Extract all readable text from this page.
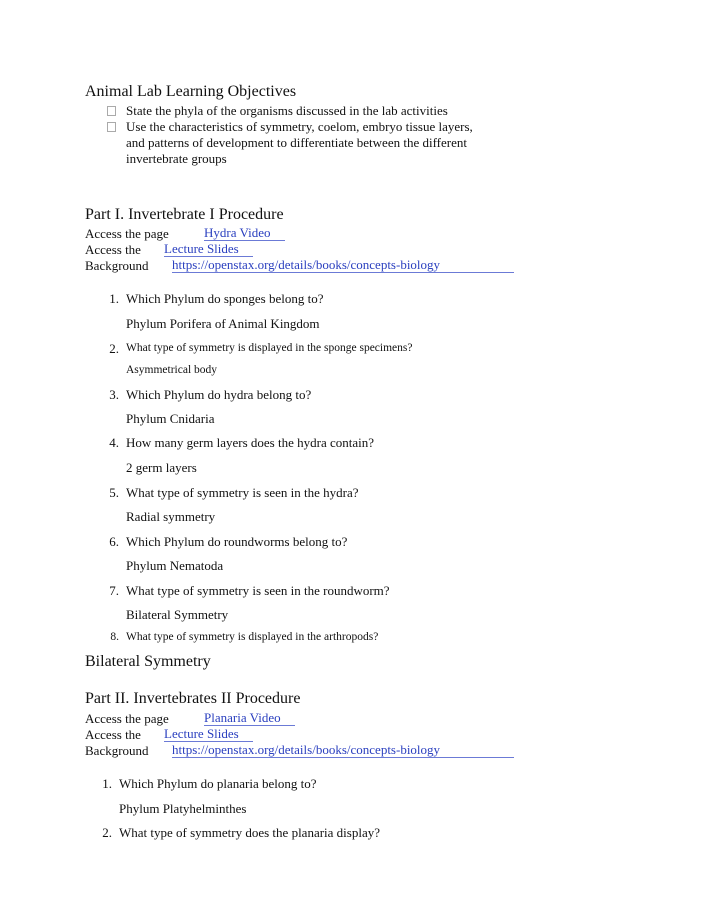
Animal Lab Learning Objectives
State the phyla of the organisms discussed in the lab activities
Use the characteristics of symmetry, coelom, embryo tissue layers,
and patterns of development to differentiate between the different
invertebrate groups
Part I. Invertebrate I Procedure
Access the page	Hydra Video
Access the Lecture Slides
Background https://openstax.org/details/books/concepts-biology
1. Which Phylum do sponges belong to?
Phylum Porifera of Animal Kingdom
2. What type of symmetry is displayed in the sponge specimens?
Asymmetrical body
3. Which Phylum do hydra belong to?
Phylum Cnidaria
4. How many germ layers does the hydra contain?
2 germ layers
5. What type of symmetry is seen in the hydra?
Radial symmetry
6. Which Phylum do roundworms belong to?
Phylum Nematoda
7. What type of symmetry is seen in the roundworm?
Bilateral Symmetry
8. What type of symmetry is displayed in the arthropods?
Bilateral Symmetry
Part II. Invertebrates II Procedure
Access the page	Planaria Video
Access the Lecture Slides
Background https://openstax.org/details/books/concepts-biology
1. Which Phylum do planaria belong to?
Phylum Platyhelminthes
2. What type of symmetry does the planaria display?
